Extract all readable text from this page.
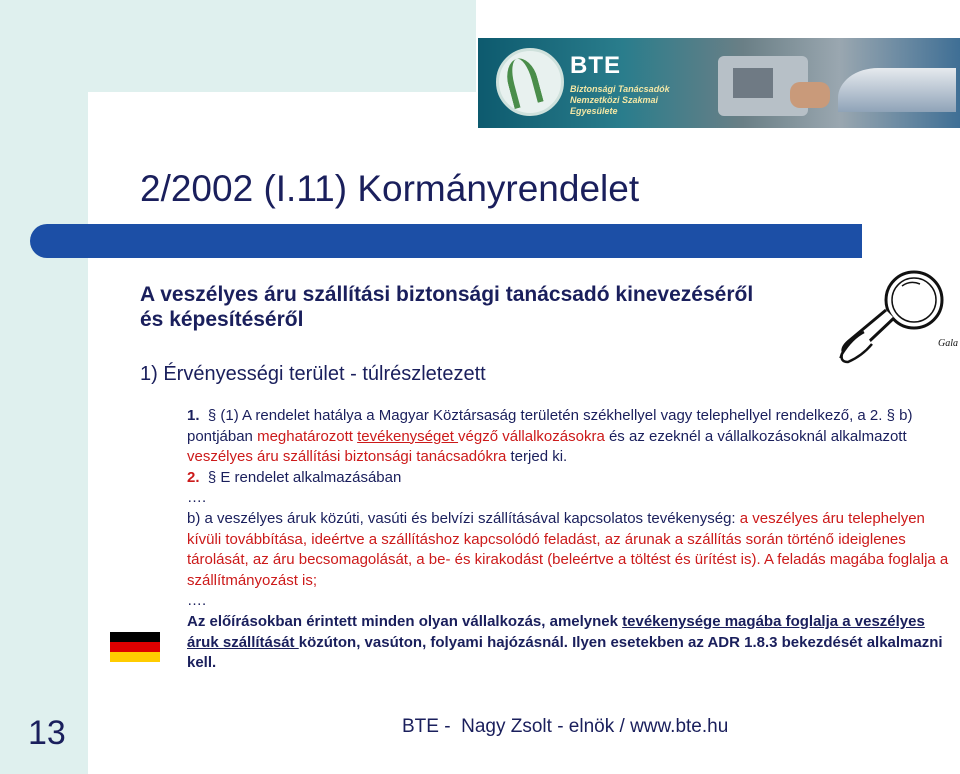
BTE
Biztonsági Tanácsadók
Nemzetközi Szakmai
Egyesülete
2/2002 (I.11) Kormányrendelet
A veszélyes áru szállítási biztonsági tanácsadó kinevezéséről
és képesítéséről
1) Érvényességi terület - túlrészletezett
Gala

1. § (1) A rendelet hatálya a Magyar Köztársaság területén székhellyel vagy telephellyel rendelkező, a 2. § b) pontjában meghatározott tevékenységet végző vállalkozásokra és az ezeknél a vállalkozásoknál alkalmazott veszélyes áru szállítási biztonsági tanácsadókra terjed ki.

2. § E rendelet alkalmazásában

….

b) a veszélyes áruk közúti, vasúti és belvízi szállításával kapcsolatos tevékenység: a veszélyes áru telephelyen kívüli továbbítása, ideértve a szállításhoz kapcsolódó feladást, az árunak a szállítás során történő ideiglenes tárolását, az áru becsomagolását, a be- és kirakodást (beleértve a töltést és ürítést is). A feladás magába foglalja a szállítmányozást is;

….

Az előírásokban érintett minden olyan vállalkozás, amelynek tevékenysége magába foglalja a veszélyes áruk szállítását közúton, vasúton, folyami hajózásnál. Ilyen esetekben az ADR 1.8.3 bekezdését alkalmazni kell.

13	BTE -  Nagy Zsolt - elnök / www.bte.hu
